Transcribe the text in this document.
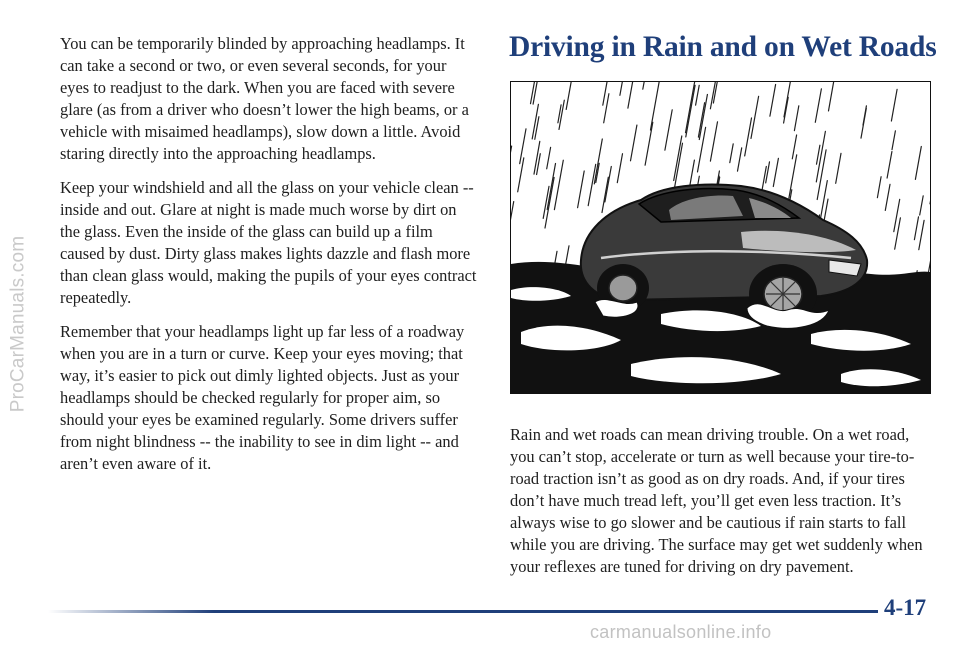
ProCarManuals.com

You can be temporarily blinded by approaching headlamps. It can take a second or two, or even several seconds, for your eyes to readjust to the dark. When you are faced with severe glare (as from a driver who doesn’t lower the high beams, or a vehicle with misaimed headlamps), slow down a little. Avoid staring directly into the approaching headlamps.

Keep your windshield and all the glass on your vehicle clean -- inside and out. Glare at night is made much worse by dirt on the glass. Even the inside of the glass can build up a film caused by dust. Dirty glass makes lights dazzle and flash more than clean glass would, making the pupils of your eyes contract repeatedly.

Remember that your headlamps light up far less of a roadway when you are in a turn or curve. Keep your eyes moving; that way, it’s easier to pick out dimly lighted objects. Just as your headlamps should be checked regularly for proper aim, so should your eyes be examined regularly. Some drivers suffer from night blindness -- the inability to see in dim light -- and aren’t even aware of it.

Driving in Rain and on Wet Roads

Rain and wet roads can mean driving trouble. On a wet road, you can’t stop, accelerate or turn as well because your tire-to-road traction isn’t as good as on dry roads. And, if your tires don’t have much tread left, you’ll get even less traction. It’s always wise to go slower and be cautious if rain starts to fall while you are driving. The surface may get wet suddenly when your reflexes are tuned for driving on dry pavement.

4-17
carmanualsonline.info
